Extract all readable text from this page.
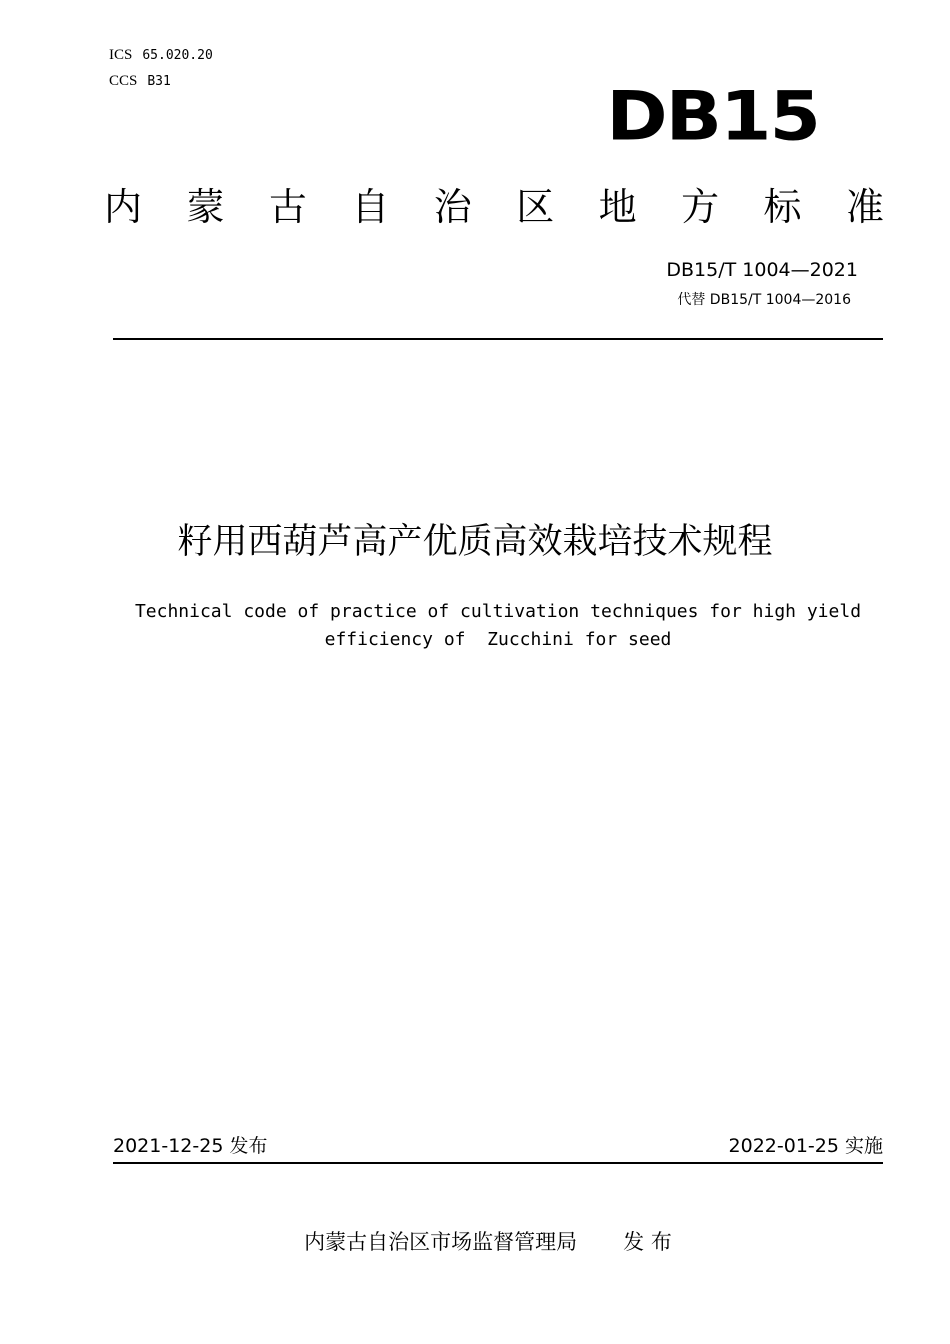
ICS 65.020.20
CCS B31	DB15
内 蒙 古 自 治 区 地 方 标 准
DB15/T 1004—2021
代替 DB15/T 1004—2016
籽用西葫芦高产优质高效栽培技术规程
Technical code of practice of cultivation techniques for high yield
efficiency of  Zucchini for seed
2021-12-25 发布	2022-01-25 实施
内蒙古自治区市场监督管理局 发 布
